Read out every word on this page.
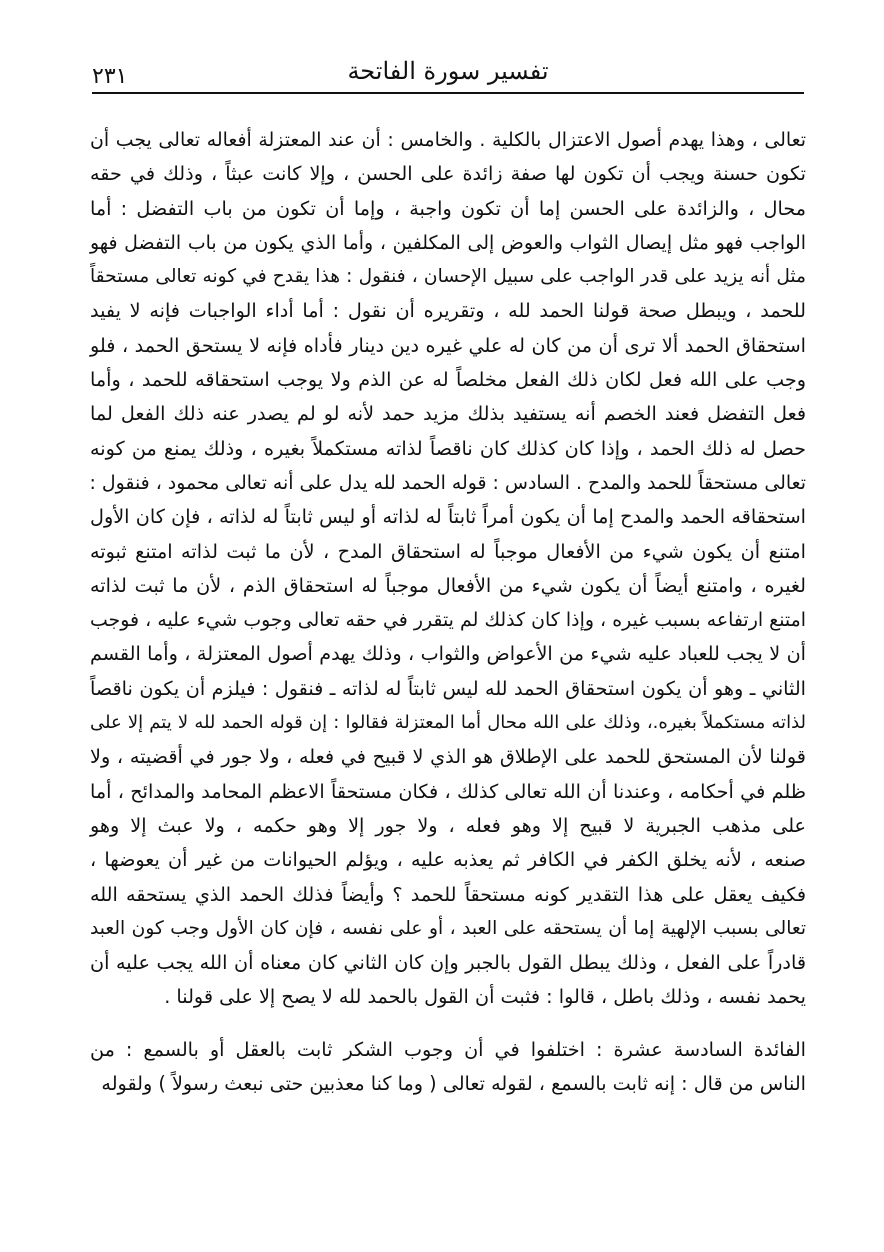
تفسير سورة الفاتحة
٢٣١
تعالى ، وهذا يهدم أصول الاعتزال بالكلية . والخامس : أن عند المعتزلة أفعاله تعالى يجب أن
تكون حسنة ويجب أن تكون لها صفة زائدة على الحسن ، وإلا كانت عبثاً ، وذلك في حقه
محال ، والزائدة على الحسن إما أن تكون واجبة ، وإما أن تكون من باب التفضل : أما
الواجب فهو مثل إيصال الثواب والعوض إلى المكلفين ، وأما الذي يكون من باب التفضل فهو
مثل أنه يزيد على قدر الواجب على سبيل الإحسان ، فنقول : هذا يقدح في كونه تعالى مستحقاً
للحمد ، ويبطل صحة قولنا الحمد لله ، وتقريره أن نقول : أما أداء الواجبات فإنه لا يفيد
استحقاق الحمد ألا ترى أن من كان له علي غيره دين دينار فأداه فإنه لا يستحق الحمد ، فلو
وجب على الله فعل لكان ذلك الفعل مخلصاً له عن الذم ولا يوجب استحقاقه للحمد ، وأما
فعل التفضل فعند الخصم أنه يستفيد بذلك مزيد حمد لأنه لو لم يصدر عنه ذلك الفعل لما
حصل له ذلك الحمد ، وإذا كان كذلك كان ناقصاً لذاته مستكملاً بغيره ، وذلك يمنع من كونه
تعالى مستحقاً للحمد والمدح . السادس : قوله الحمد لله يدل على أنه تعالى محمود ، فنقول :
استحقاقه الحمد والمدح إما أن يكون أمراً ثابتاً له لذاته أو ليس ثابتاً له لذاته ، فإن كان الأول
امتنع أن يكون شيء من الأفعال موجباً له استحقاق المدح ، لأن ما ثبت لذاته امتنع ثبوته
لغيره ، وامتنع أيضاً أن يكون شيء من الأفعال موجباً له استحقاق الذم ، لأن ما ثبت لذاته
امتنع ارتفاعه بسبب غيره ، وإذا كان كذلك لم يتقرر في حقه تعالى وجوب شيء عليه ، فوجب
أن لا يجب للعباد عليه شيء من الأعواض والثواب ، وذلك يهدم أصول المعتزلة ، وأما القسم
الثاني ـ وهو أن يكون استحقاق الحمد لله ليس ثابتاً له لذاته ـ فنقول : فيلزم أن يكون ناقصاً
لذاته مستكملاً بغيره.، وذلك على الله محال أما المعتزلة فقالوا : إن قوله الحمد لله لا يتم إلا على
قولنا لأن المستحق للحمد على الإطلاق هو الذي لا قبيح في فعله ، ولا جور في أقضيته ، ولا
ظلم في أحكامه ، وعندنا أن الله تعالى كذلك ، فكان مستحقاً الاعظم المحامد والمدائح ، أما
على مذهب الجبرية لا قبيح إلا وهو فعله ، ولا جور إلا وهو حكمه ، ولا عبث إلا وهو
صنعه ، لأنه يخلق الكفر في الكافر ثم يعذبه عليه ، ويؤلم الحيوانات من غير أن يعوضها ،
فكيف يعقل على هذا التقدير كونه مستحقاً للحمد ؟ وأيضاً فذلك الحمد الذي يستحقه الله
تعالى بسبب الإلهية إما أن يستحقه على العبد ، أو على نفسه ، فإن كان الأول وجب كون العبد
قادراً على الفعل ، وذلك يبطل القول بالجبر وإن كان الثاني كان معناه أن الله يجب عليه أن
يحمد نفسه ، وذلك باطل ، قالوا : فثبت أن القول بالحمد لله لا يصح إلا على قولنا .
الفائدة السادسة عشرة : اختلفوا في أن وجوب الشكر ثابت بالعقل أو بالسمع : من
الناس من قال : إنه ثابت بالسمع ، لقوله تعالى ( وما كنا معذبين حتى نبعث رسولاً ) ولقوله
